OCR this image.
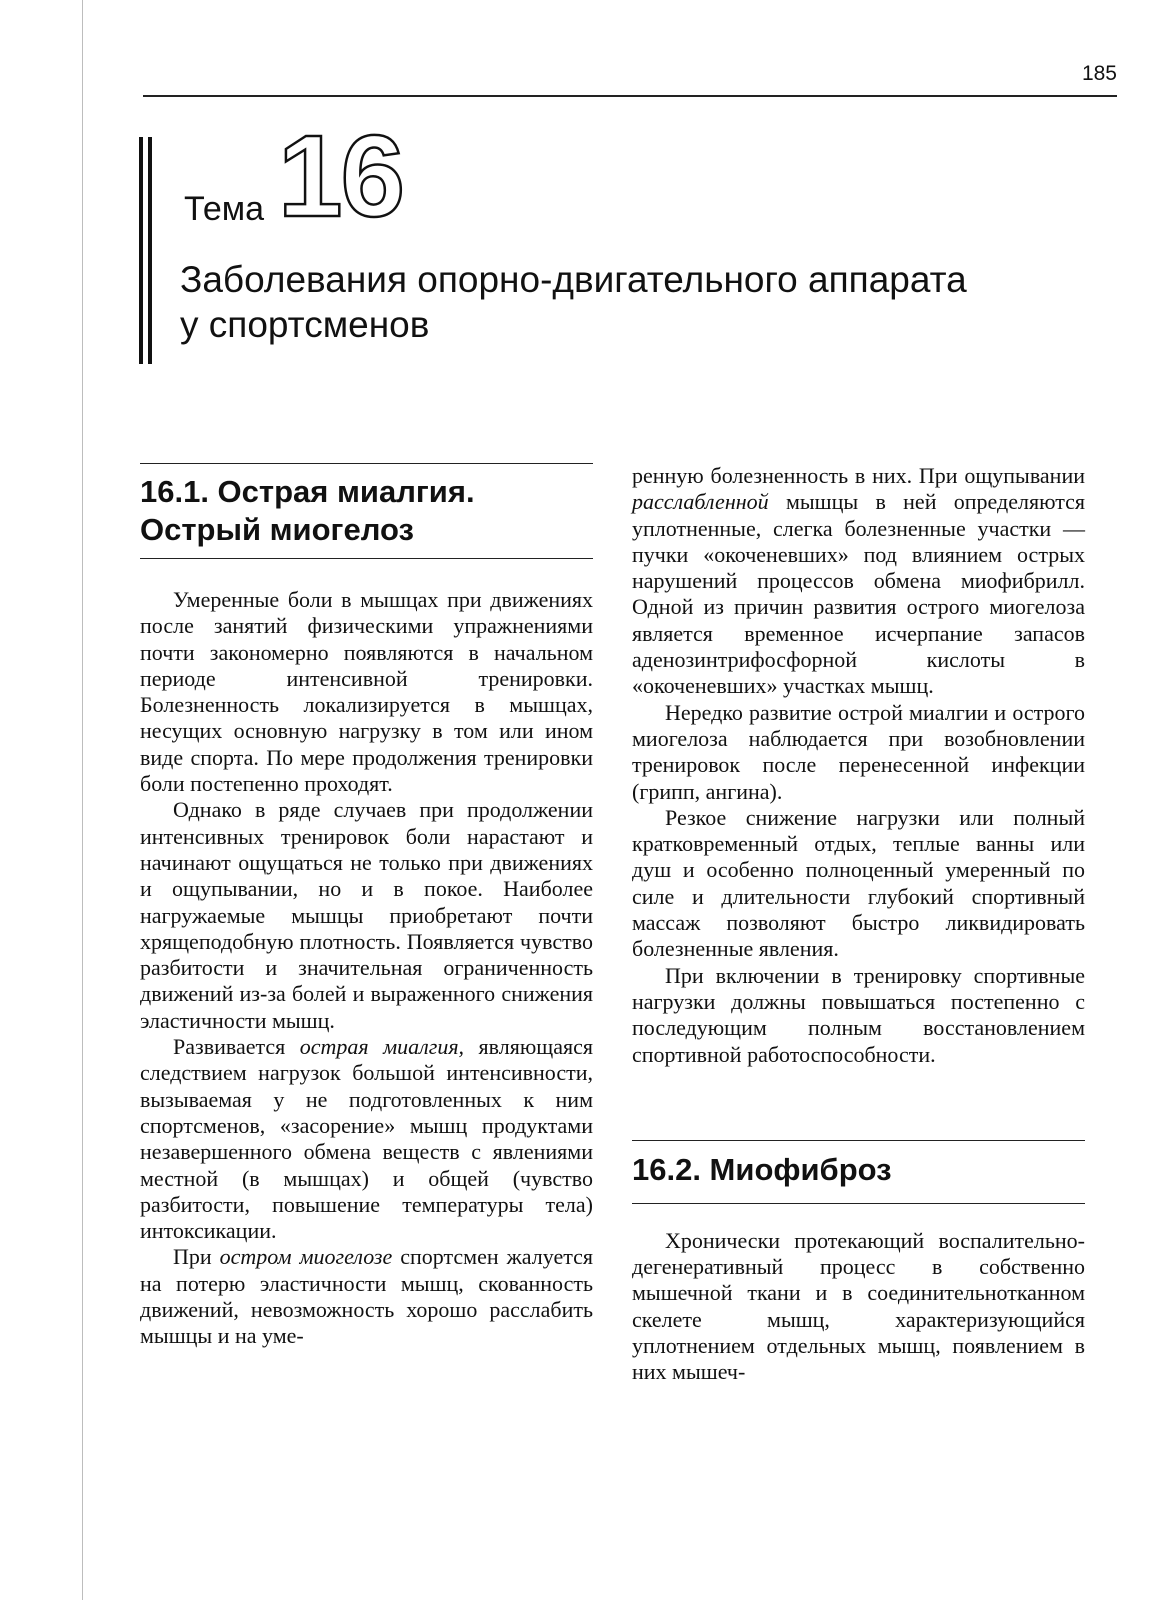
185
Тема 16
Заболевания опорно-двигательного аппарата
у спортсменов
16.1. Острая миалгия.
Острый миогелоз

Умеренные боли в мышцах при движениях после занятий физическими упражнениями почти закономерно появляются в начальном периоде интенсивной тренировки. Болезненность локализируется в мышцах, несущих основную нагрузку в том или ином виде спорта. По мере продолжения тренировки боли постепенно проходят.

Однако в ряде случаев при продолжении интенсивных тренировок боли нарастают и начинают ощущаться не только при движениях и ощупывании, но и в покое. Наиболее нагружаемые мышцы приобретают почти хрящеподобную плотность. Появляется чувство разбитости и значительная ограниченность движений из-за болей и выраженного снижения эластичности мышц.

Развивается острая миалгия, являющаяся следствием нагрузок большой интенсивности, вызываемая у не подготовленных к ним спортсменов, «засорение» мышц продуктами незавершенного обмена веществ с явлениями местной (в мышцах) и общей (чувство разбитости, повышение температуры тела) интоксикации.

При остром миогелозе спортсмен жалуется на потерю эластичности мышц, скованность движений, невозможность хорошо расслабить мышцы и на уме-

ренную болезненность в них. При ощупывании расслабленной мышцы в ней определяются уплотненные, слегка болезненные участки — пучки «окоченевших» под влиянием острых нарушений процессов обмена миофибрилл. Одной из причин развития острого миогелоза является временное исчерпание запасов аденозинтрифосфорной кислоты в «окоченевших» участках мышц.

Нередко развитие острой миалгии и острого миогелоза наблюдается при возобновлении тренировок после перенесенной инфекции (грипп, ангина).

Резкое снижение нагрузки или полный кратковременный отдых, теплые ванны или душ и особенно полноценный умеренный по силе и длительности глубокий спортивный массаж позволяют быстро ликвидировать болезненные явления.

При включении в тренировку спортивные нагрузки должны повышаться постепенно с последующим полным восстановлением спортивной работоспособности.

16.2. Миофиброз

Хронически протекающий воспалительно-дегенеративный процесс в собственно мышечной ткани и в соединительнотканном скелете мышц, характеризующийся уплотнением отдельных мышц, появлением в них мышеч-
